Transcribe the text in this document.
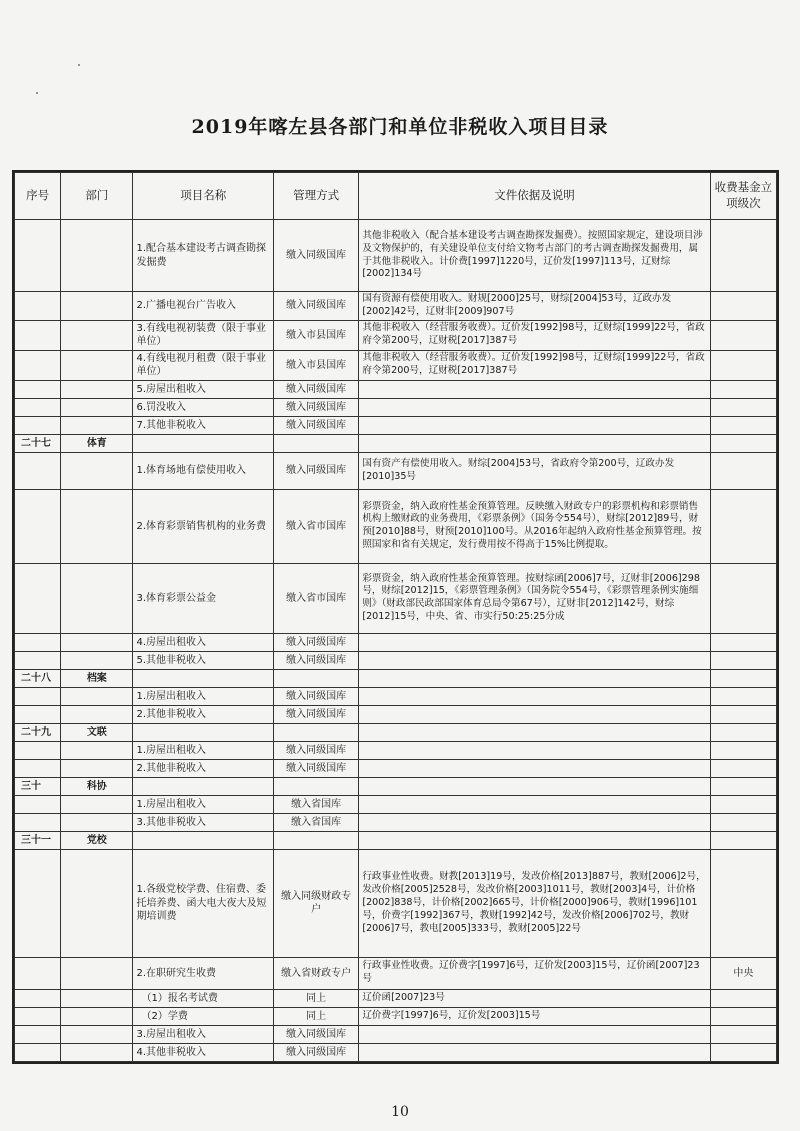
2019年喀左县各部门和单位非税收入项目目录
序号	部门	项目名称	管理方式	文件依据及说明	收费基金立项级次
		1.配合基本建设考古调查勘探发掘费	缴入同级国库	其他非税收入（配合基本建设考古调查勘探发掘费）。按照国家规定，建设项目涉及文物保护的，有关建设单位支付给文物考古部门的考古调查勘探发掘费用，属于其他非税收入。计价费[1997]1220号，辽价发[1997]113号，辽财综[2002]134号	
		2.广播电视台广告收入	缴入同级国库	国有资源有偿使用收入。财规[2000]25号，财综[2004]53号，辽政办发[2002]42号，辽财非[2009]907号	
		3.有线电视初装费（限于事业单位）	缴入市县国库	其他非税收入（经营服务收费）。辽价发[1992]98号，辽财综[1999]22号，省政府令第200号，辽财税[2017]387号	
		4.有线电视月租费（限于事业单位）	缴入市县国库	其他非税收入（经营服务收费）。辽价发[1992]98号，辽财综[1999]22号，省政府令第200号，辽财税[2017]387号	
		5.房屋出租收入	缴入同级国库		
		6.罚没收入	缴入同级国库		
		7.其他非税收入	缴入同级国库		
二十七	体育				
		1.体育场地有偿使用收入	缴入同级国库	国有资产有偿使用收入。财综[2004]53号，省政府令第200号，辽政办发[2010]35号	
		2.体育彩票销售机构的业务费	缴入省市国库	彩票资金，纳入政府性基金预算管理。反映缴入财政专户的彩票机构和彩票销售机构上缴财政的业务费用，《彩票条例》（国务令554号），财综[2012]89号，财预[2010]88号，财预[2010]100号。从2016年起纳入政府性基金预算管理。按照国家和省有关规定，发行费用按不得高于15%比例提取。	
		3.体育彩票公益金	缴入省市国库	彩票资金，纳入政府性基金预算管理。按财综函[2006]7号，辽财非[2006]298号，财综[2012]15，《彩票管理条例》（国务院令554号，《彩票管理条例实施细则》（财政部民政部国家体育总局令第67号），辽财非[2012]142号，财综[2012]15号，中央、省、市实行50:25:25分成	
		4.房屋出租收入	缴入同级国库		
		5.其他非税收入	缴入同级国库		
二十八	档案				
		1.房屋出租收入	缴入同级国库		
		2.其他非税收入	缴入同级国库		
二十九	文联				
		1.房屋出租收入	缴入同级国库		
		2.其他非税收入	缴入同级国库		
三十	科协				
		1.房屋出租收入	缴入省国库		
		3.其他非税收入	缴入省国库		
三十一	党校				
		1.各级党校学费、住宿费、委托培养费、函大电大夜大及短期培训费	缴入同级财政专户	行政事业性收费。财教[2013]19号，发改价格[2013]887号，教财[2006]2号，发改价格[2005]2528号，发改价格[2003]1011号，教财[2003]4号，计价格[2002]838号，计价格[2002]665号，计价格[2000]906号，教财[1996]101号，价费字[1992]367号，教财[1992]42号，发改价格[2006]702号，教财[2006]7号，教电[2005]333号，教财[2005]22号	
		2.在职研究生收费	缴入省财政专户	行政事业性收费。辽价费字[1997]6号，辽价发[2003]15号，辽价函[2007]23号	中央
		（1）报名考试费	同上	辽价函[2007]23号	
		（2）学费	同上	辽价费字[1997]6号，辽价发[2003]15号	
		3.房屋出租收入	缴入同级国库		
		4.其他非税收入	缴入同级国库		
10
